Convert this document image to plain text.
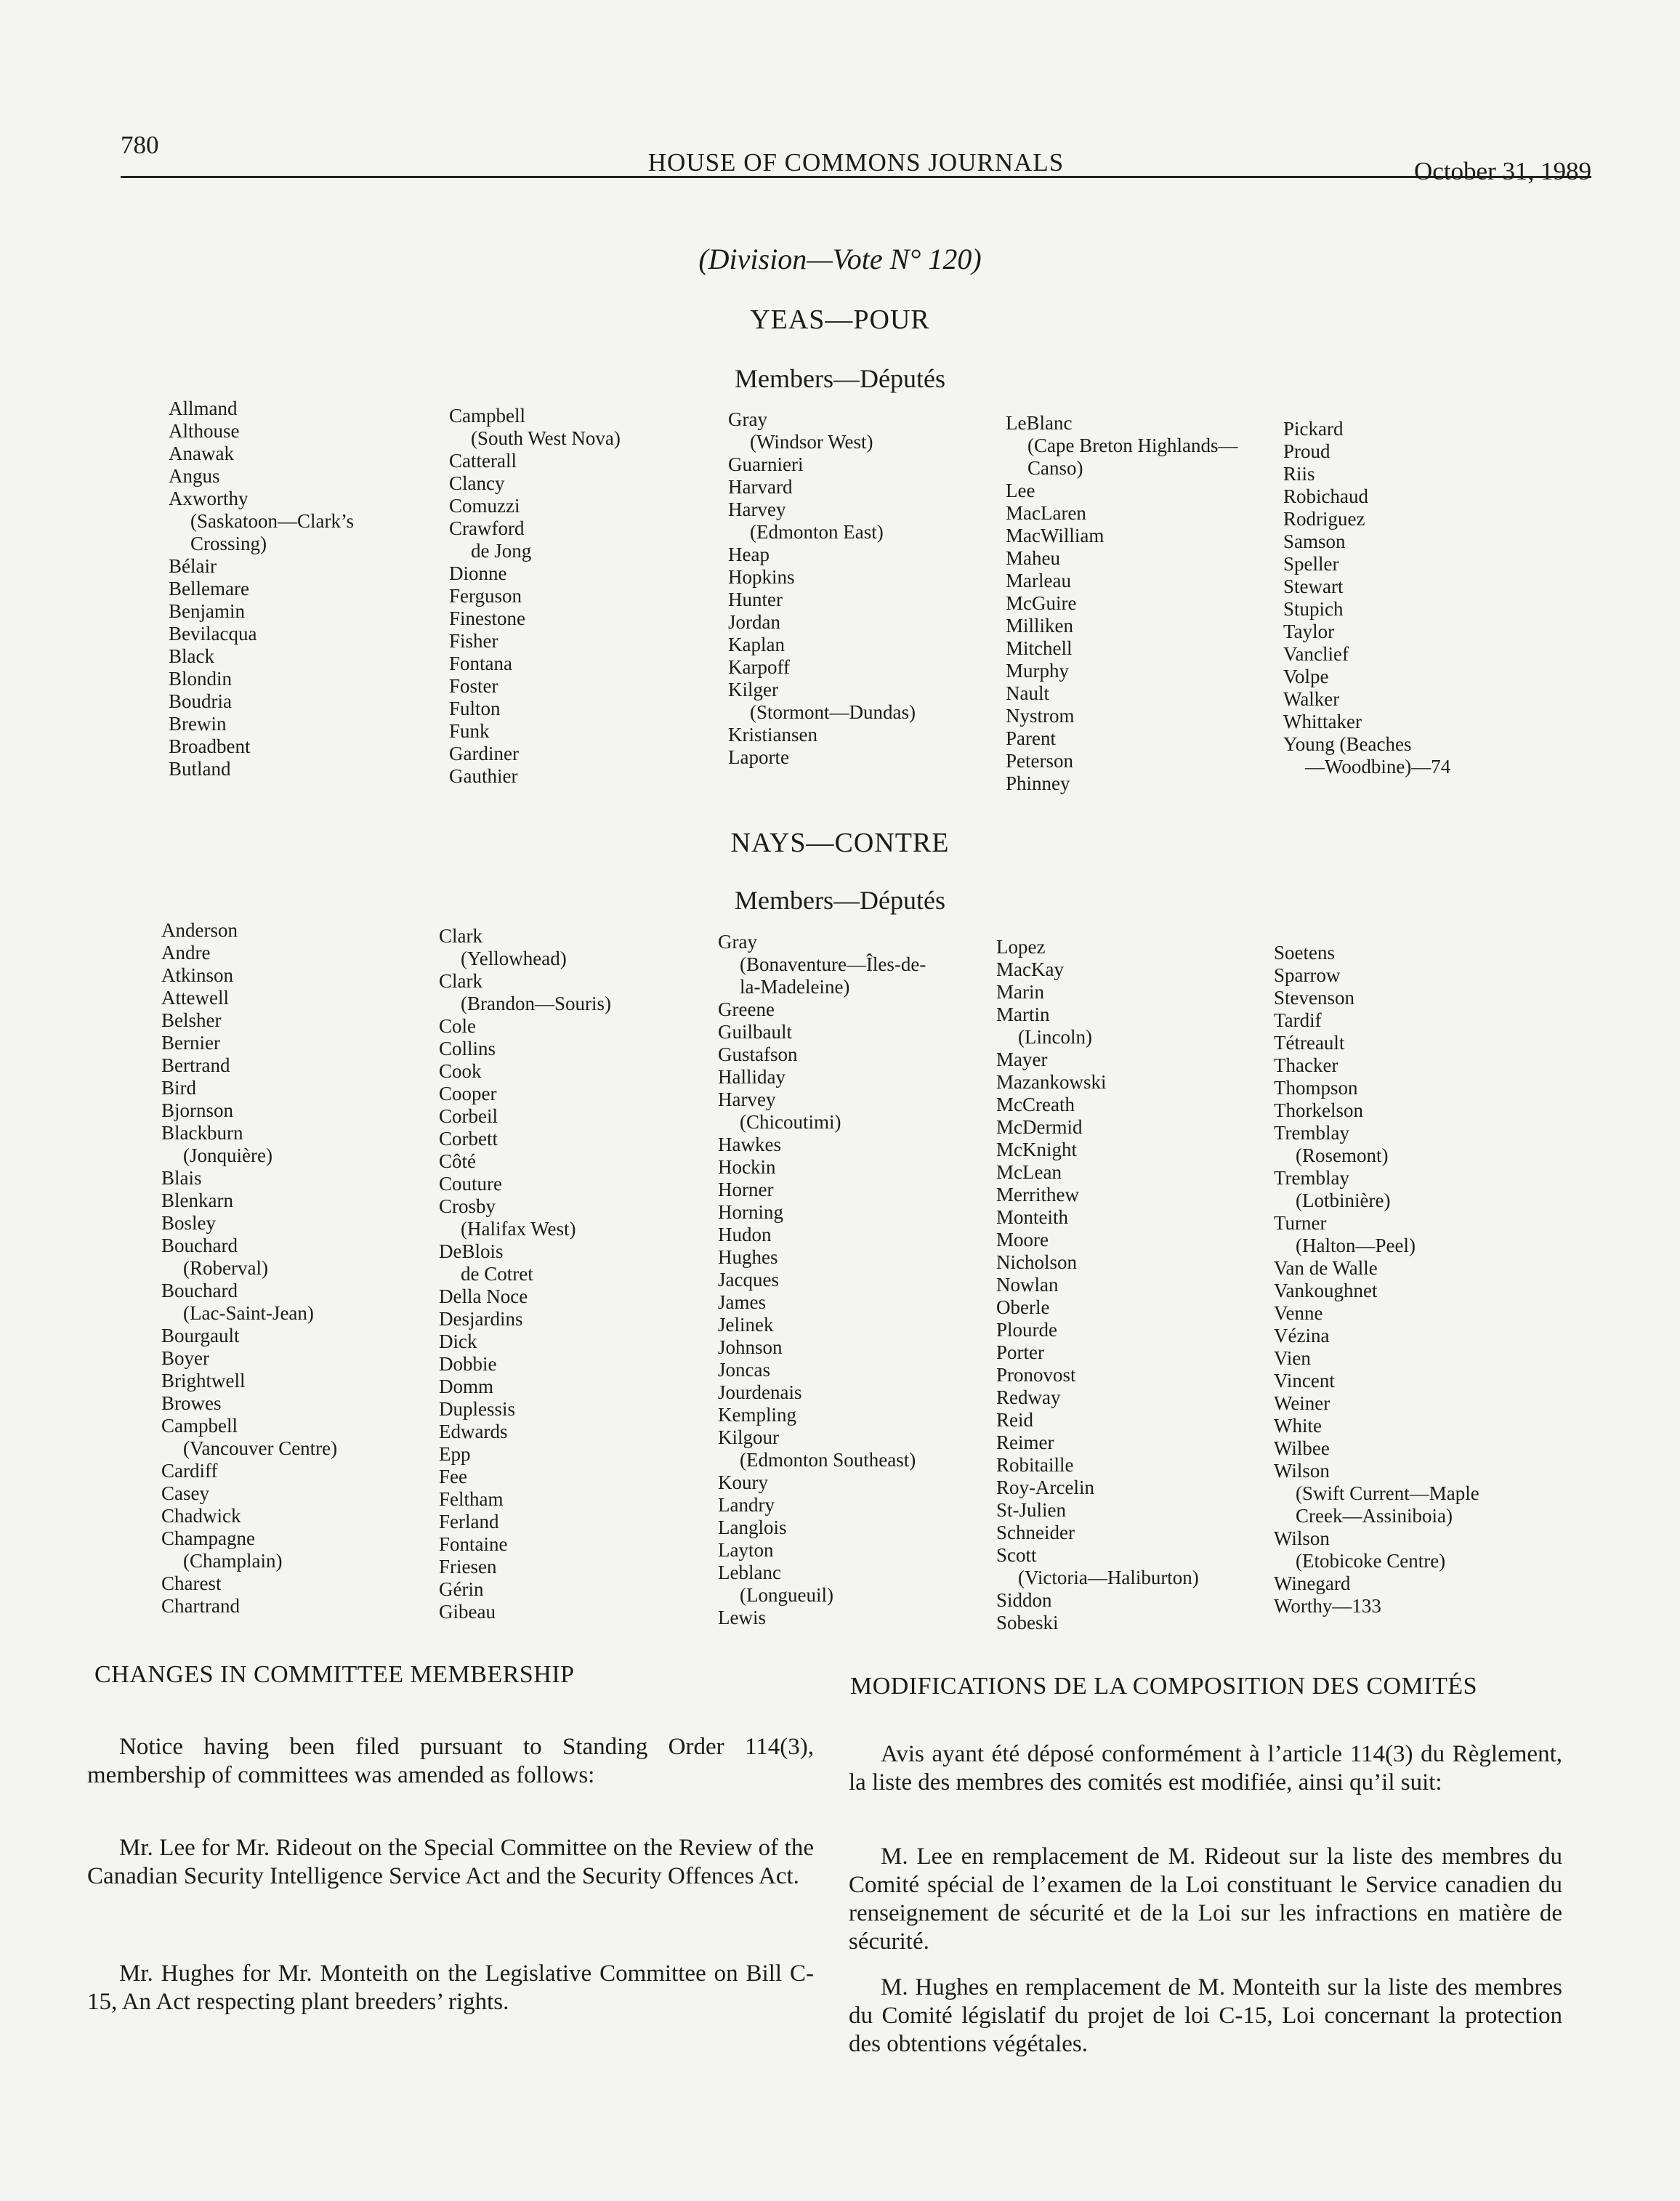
780
HOUSE OF COMMONS JOURNALS	October 31, 1989
(Division—Vote N° 120)
YEAS—POUR
Members—Députés
Allmand
Althouse
Anawak
Angus
Axworthy
(Saskatoon—Clark’s
Crossing)
Bélair
Bellemare
Benjamin
Bevilacqua
Black
Blondin
Boudria
Brewin
Broadbent
Butland
Campbell
(South West Nova)
Catterall
Clancy
Comuzzi
Crawford
de Jong
Dionne
Ferguson
Finestone
Fisher
Fontana
Foster
Fulton
Funk
Gardiner
Gauthier
Gray
(Windsor West)
Guarnieri
Harvard
Harvey
(Edmonton East)
Heap
Hopkins
Hunter
Jordan
Kaplan
Karpoff
Kilger
(Stormont—Dundas)
Kristiansen
Laporte
LeBlanc
(Cape Breton Highlands—
Canso)
Lee
MacLaren
MacWilliam
Maheu
Marleau
McGuire
Milliken
Mitchell
Murphy
Nault
Nystrom
Parent
Peterson
Phinney
Pickard
Proud
Riis
Robichaud
Rodriguez
Samson
Speller
Stewart
Stupich
Taylor
Vanclief
Volpe
Walker
Whittaker
Young (Beaches
—Woodbine)—74
NAYS—CONTRE
Members—Députés
Anderson
Andre
Atkinson
Attewell
Belsher
Bernier
Bertrand
Bird
Bjornson
Blackburn
(Jonquière)
Blais
Blenkarn
Bosley
Bouchard
(Roberval)
Bouchard
(Lac-Saint-Jean)
Bourgault
Boyer
Brightwell
Browes
Campbell
(Vancouver Centre)
Cardiff
Casey
Chadwick
Champagne
(Champlain)
Charest
Chartrand
Clark
(Yellowhead)
Clark
(Brandon—Souris)
Cole
Collins
Cook
Cooper
Corbeil
Corbett
Côté
Couture
Crosby
(Halifax West)
DeBlois
de Cotret
Della Noce
Desjardins
Dick
Dobbie
Domm
Duplessis
Edwards
Epp
Fee
Feltham
Ferland
Fontaine
Friesen
Gérin
Gibeau
Gray
(Bonaventure—Îles-de-
la-Madeleine)
Greene
Guilbault
Gustafson
Halliday
Harvey
(Chicoutimi)
Hawkes
Hockin
Horner
Horning
Hudon
Hughes
Jacques
James
Jelinek
Johnson
Joncas
Jourdenais
Kempling
Kilgour
(Edmonton Southeast)
Koury
Landry
Langlois
Layton
Leblanc
(Longueuil)
Lewis
Lopez
MacKay
Marin
Martin
(Lincoln)
Mayer
Mazankowski
McCreath
McDermid
McKnight
McLean
Merrithew
Monteith
Moore
Nicholson
Nowlan
Oberle
Plourde
Porter
Pronovost
Redway
Reid
Reimer
Robitaille
Roy-Arcelin
St-Julien
Schneider
Scott
(Victoria—Haliburton)
Siddon
Sobeski
Soetens
Sparrow
Stevenson
Tardif
Tétreault
Thacker
Thompson
Thorkelson
Tremblay
(Rosemont)
Tremblay
(Lotbinière)
Turner
(Halton—Peel)
Van de Walle
Vankoughnet
Venne
Vézina
Vien
Vincent
Weiner
White
Wilbee
Wilson
(Swift Current—Maple
Creek—Assiniboia)
Wilson
(Etobicoke Centre)
Winegard
Worthy—133
CHANGES IN COMMITTEE MEMBERSHIP

Notice having been filed pursuant to Standing Order 114(3), membership of committees was amended as follows:

Mr. Lee for Mr. Rideout on the Special Committee on the Review of the Canadian Security Intelligence Service Act and the Security Offences Act.

Mr. Hughes for Mr. Monteith on the Legislative Committee on Bill C-15, An Act respecting plant breeders’ rights.

MODIFICATIONS DE LA COMPOSITION DES COMITÉS

Avis ayant été déposé conformément à l’article 114(3) du Règlement, la liste des membres des comités est modifiée, ainsi qu’il suit:

M. Lee en remplacement de M. Rideout sur la liste des membres du Comité spécial de l’examen de la Loi constituant le Service canadien du renseignement de sécurité et de la Loi sur les infractions en matière de sécurité.

M. Hughes en remplacement de M. Monteith sur la liste des membres du Comité législatif du projet de loi C-15, Loi concernant la protection des obtentions végétales.
